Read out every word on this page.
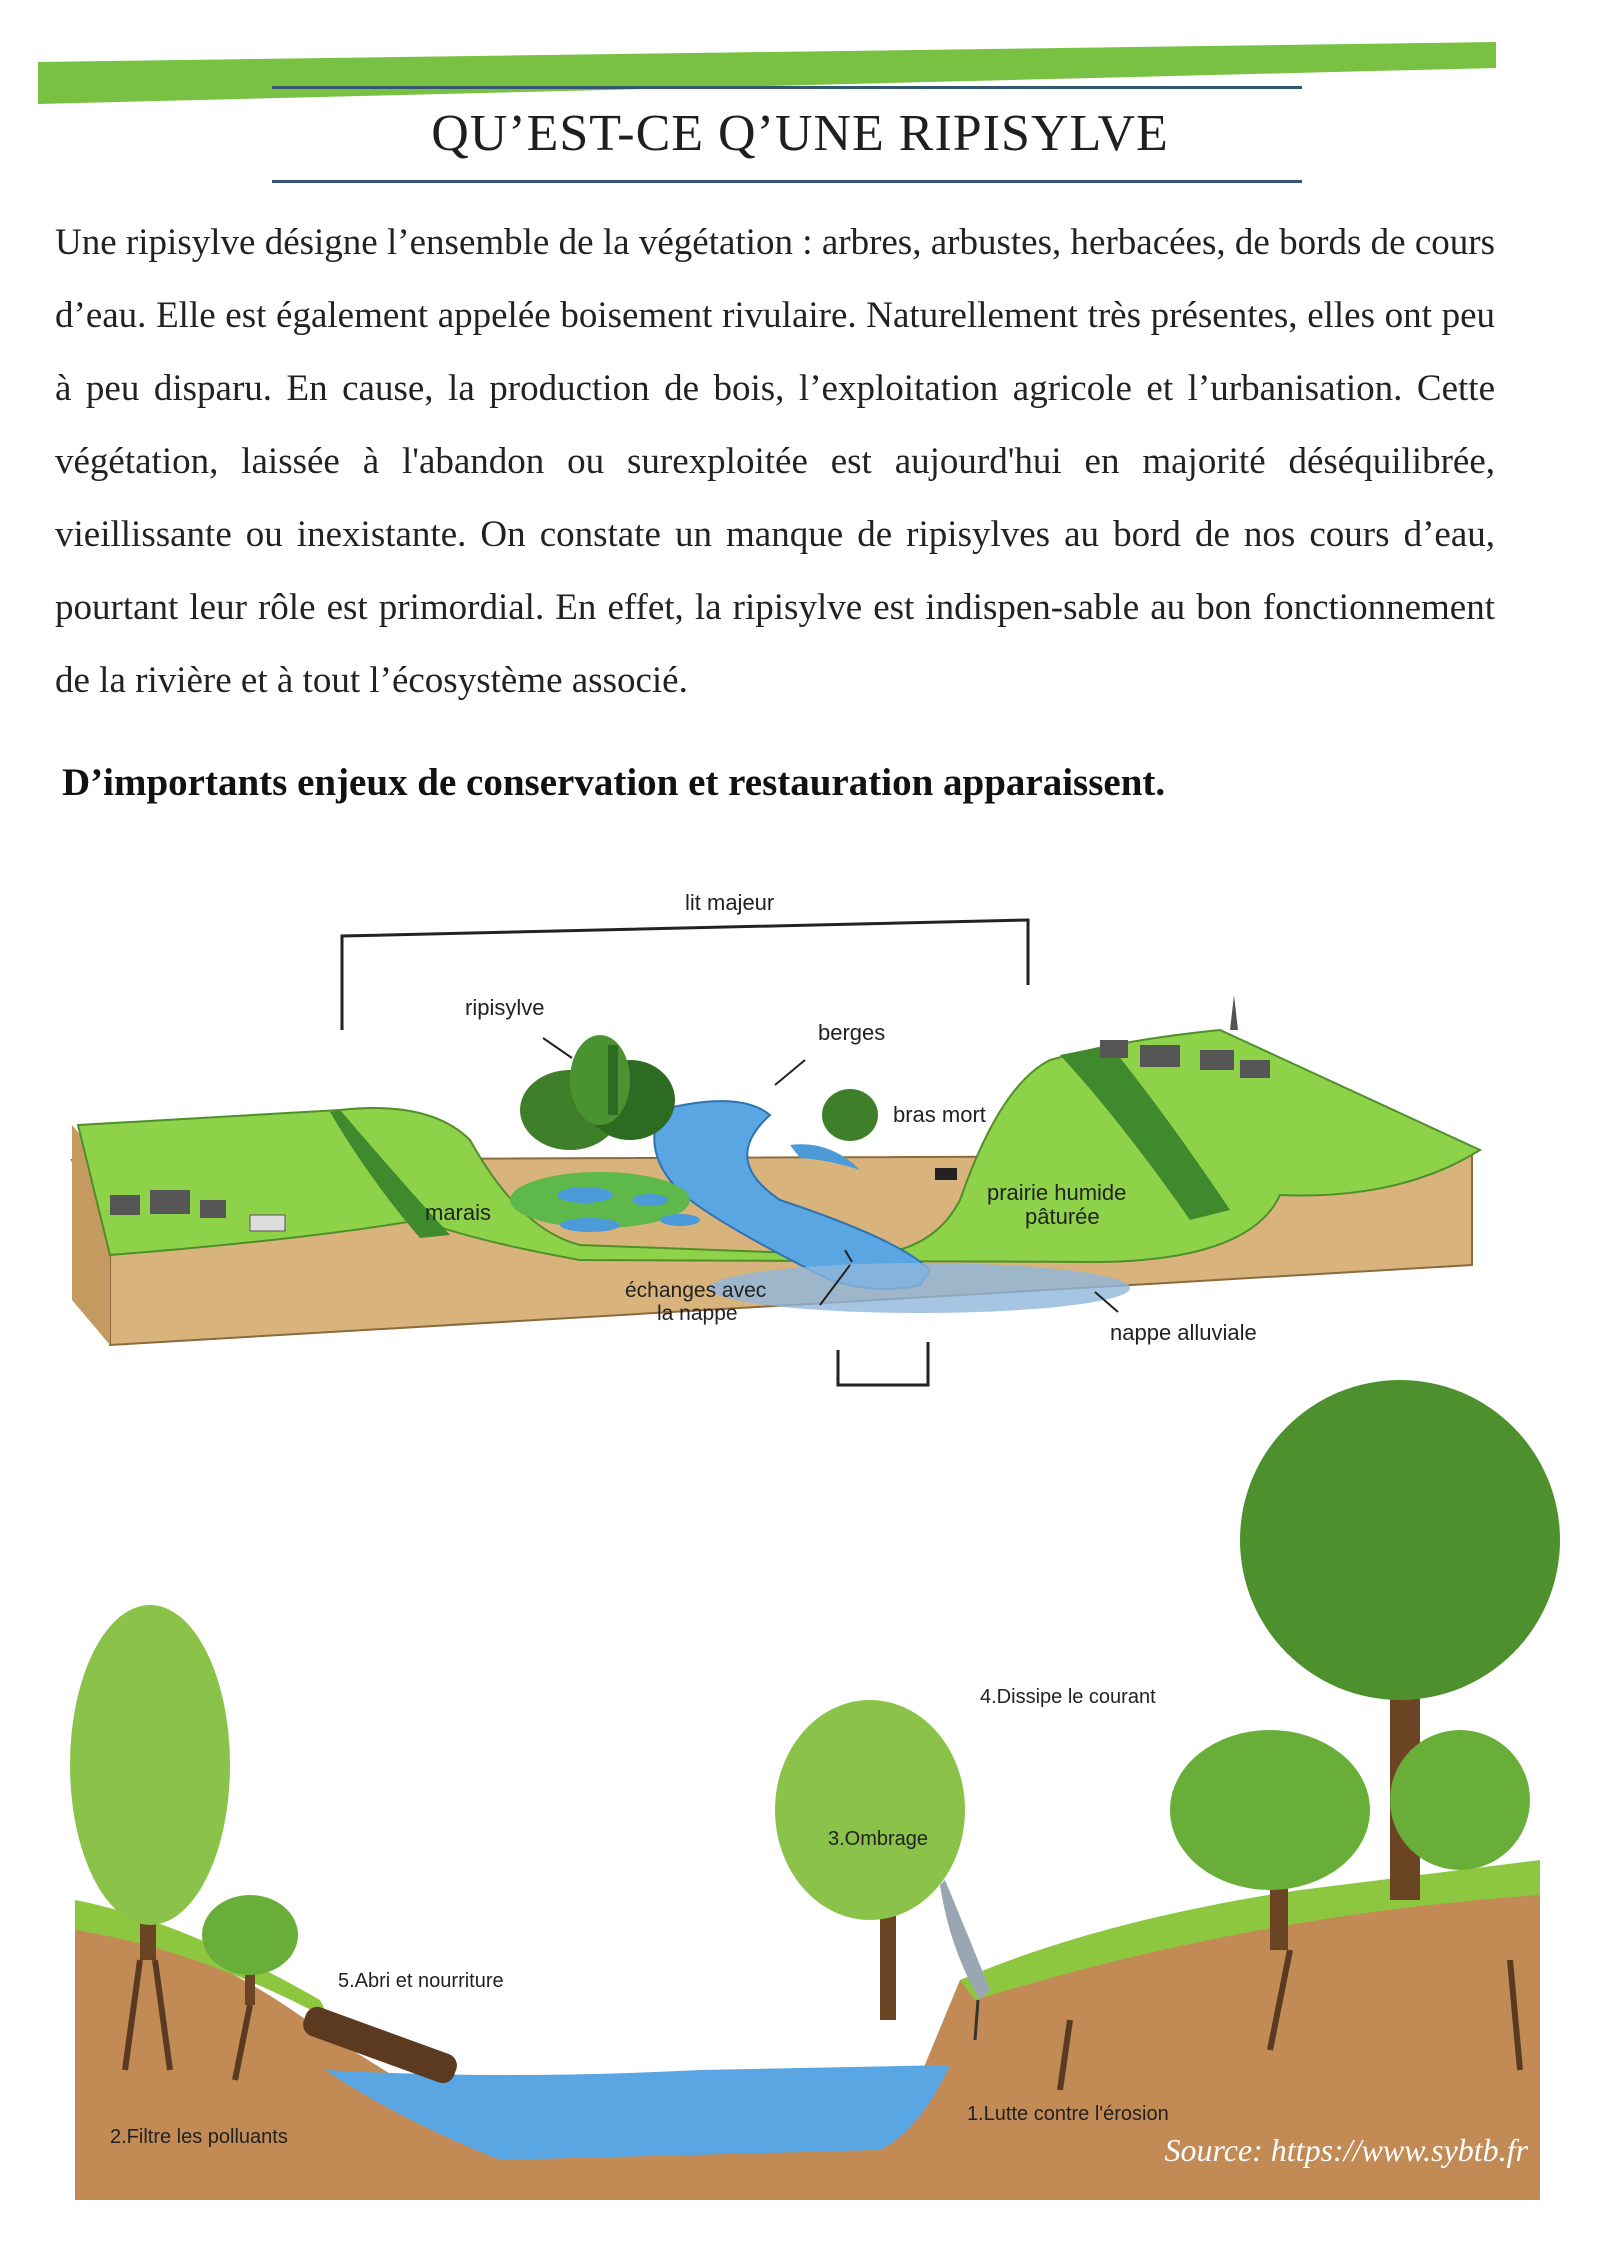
QU’EST-CE Q’UNE RIPISYLVE

Une ripisylve désigne l’ensemble de la végétation : arbres, arbustes, herbacées, de bords de cours d’eau. Elle est également appelée boisement rivulaire. Naturellement très présentes, elles ont peu à peu disparu. En cause, la production de bois, l’exploitation agricole et l’urbanisation. Cette végétation, laissée à l'abandon ou surexploitée est aujourd'hui en majorité déséquilibrée, vieillissante ou inexistante. On constate un manque de ripisylves au bord de nos cours d’eau, pourtant leur rôle est primordial. En effet, la ripisylve est indispen-sable au bon fonctionnement de la rivière et à tout l’écosystème associé.

D’importants enjeux de conservation et restauration apparaissent.
lit majeur
ripisylve
berges
bras mort
marais
prairie humide
pâturée
échanges avec
la nappe
nappe alluviale
4.Dissipe le courant
3.Ombrage
5.Abri et nourriture
2.Filtre les polluants
1.Lutte contre l'érosion
Source: https://www.sybtb.fr
